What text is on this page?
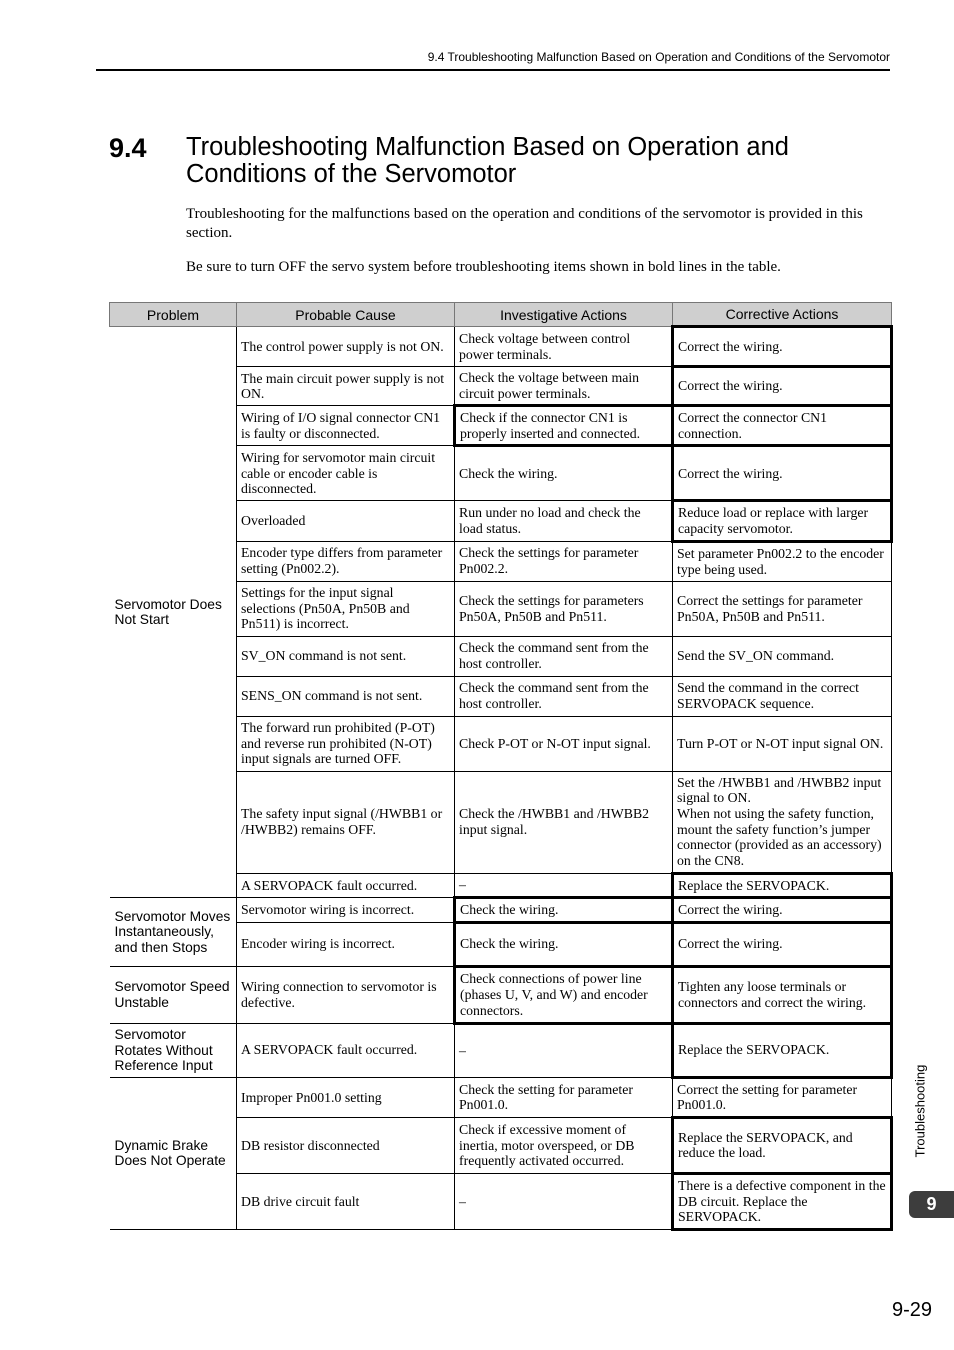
9.4 Troubleshooting Malfunction Based on Operation and Conditions of the Servomotor
9.4 Troubleshooting Malfunction Based on Operation and Conditions of the Servomotor
Troubleshooting for the malfunctions based on the operation and conditions of the servomotor is provided in this section.
Be sure to turn OFF the servo system before troubleshooting items shown in bold lines in the table.
Problem	Probable Cause	Investigative Actions	Corrective Actions
Servomotor Does Not Start	The control power supply is not ON.	Check voltage between control power terminals.	Correct the wiring.
	The main circuit power supply is not ON.	Check the voltage between main circuit power terminals.	Correct the wiring.
	Wiring of I/O signal connector CN1 is faulty or disconnected.	Check if the connector CN1 is properly inserted and connected.	Correct the connector CN1 connection.
	Wiring for servomotor main circuit cable or encoder cable is disconnected.	Check the wiring.	Correct the wiring.
	Overloaded	Run under no load and check the load status.	Reduce load or replace with larger capacity servomotor.
	Encoder type differs from parameter setting (Pn002.2).	Check the settings for parameter Pn002.2.	Set parameter Pn002.2 to the encoder type being used.
	Settings for the input signal selections (Pn50A, Pn50B and Pn511) is incorrect.	Check the settings for parameters Pn50A, Pn50B and Pn511.	Correct the settings for parameter Pn50A, Pn50B and Pn511.
	SV_ON command is not sent.	Check the command sent from the host controller.	Send the SV_ON command.
	SENS_ON command is not sent.	Check the command sent from the host controller.	Send the command in the correct SERVOPACK sequence.
	The forward run prohibited (P-OT) and reverse run prohibited (N-OT) input signals are turned OFF.	Check P-OT or N-OT input signal.	Turn P-OT or N-OT input signal ON.
	The safety input signal (/HWBB1 or /HWBB2) remains OFF.	Check the /HWBB1 and /HWBB2 input signal.	Set the /HWBB1 and /HWBB2 input signal to ON.
When not using the safety function, mount the safety function’s jumper connector (provided as an accessory) on the CN8.
	A SERVOPACK fault occurred.	–	Replace the SERVOPACK.
Servomotor Moves Instantaneously, and then Stops	Servomotor wiring is incorrect.	Check the wiring.	Correct the wiring.
	Encoder wiring is incorrect.	Check the wiring.	Correct the wiring.
Servomotor Speed Unstable	Wiring connection to servomotor is defective.	Check connections of power line (phases U, V, and W) and encoder connectors.	Tighten any loose terminals or connectors and correct the wiring.
Servomotor Rotates Without Reference Input	A SERVOPACK fault occurred.	–	Replace the SERVOPACK.
Dynamic Brake Does Not Operate	Improper Pn001.0 setting	Check the setting for parameter Pn001.0.	Correct the setting for parameter Pn001.0.
	DB resistor disconnected	Check if excessive moment of inertia, motor overspeed, or DB frequently activated occurred.	Replace the SERVOPACK, and reduce the load.
	DB drive circuit fault	–	There is a defective component in the DB circuit. Replace the SERVOPACK.
Troubleshooting
9
9-29
